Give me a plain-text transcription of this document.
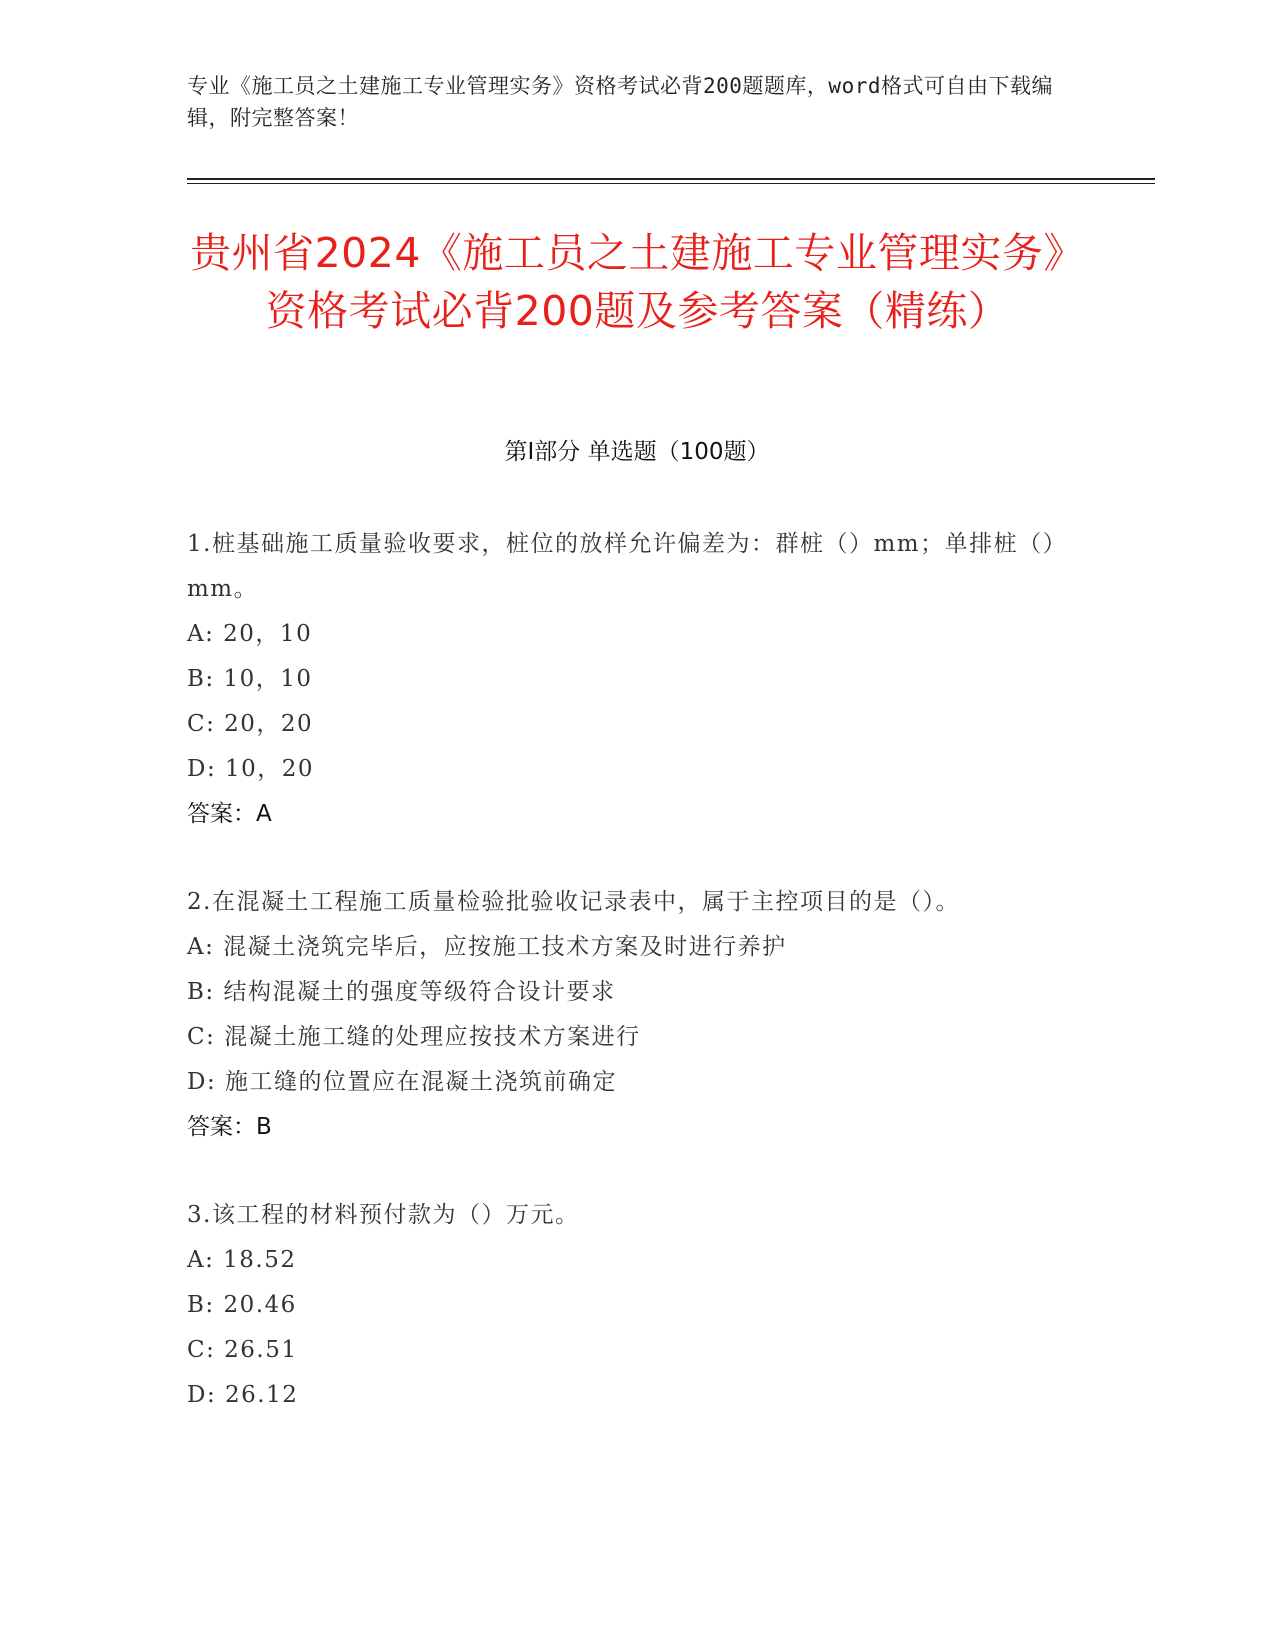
专业《施工员之土建施工专业管理实务》资格考试必背200题题库，word格式可自由下载编辑，附完整答案！
贵州省2024《施工员之土建施工专业管理实务》资格考试必背200题及参考答案（精练）
第Ⅰ部分 单选题（100题）
1.桩基础施工质量验收要求，桩位的放样允许偏差为：群桩（）mm；单排桩（）mm。
A: 20，10
B: 10，10
C: 20，20
D: 10，20
答案：A
2.在混凝土工程施工质量检验批验收记录表中，属于主控项目的是（）。
A: 混凝土浇筑完毕后，应按施工技术方案及时进行养护
B: 结构混凝土的强度等级符合设计要求
C: 混凝土施工缝的处理应按技术方案进行
D: 施工缝的位置应在混凝土浇筑前确定
答案：B
3.该工程的材料预付款为（）万元。
A: 18.52
B: 20.46
C: 26.51
D: 26.12
